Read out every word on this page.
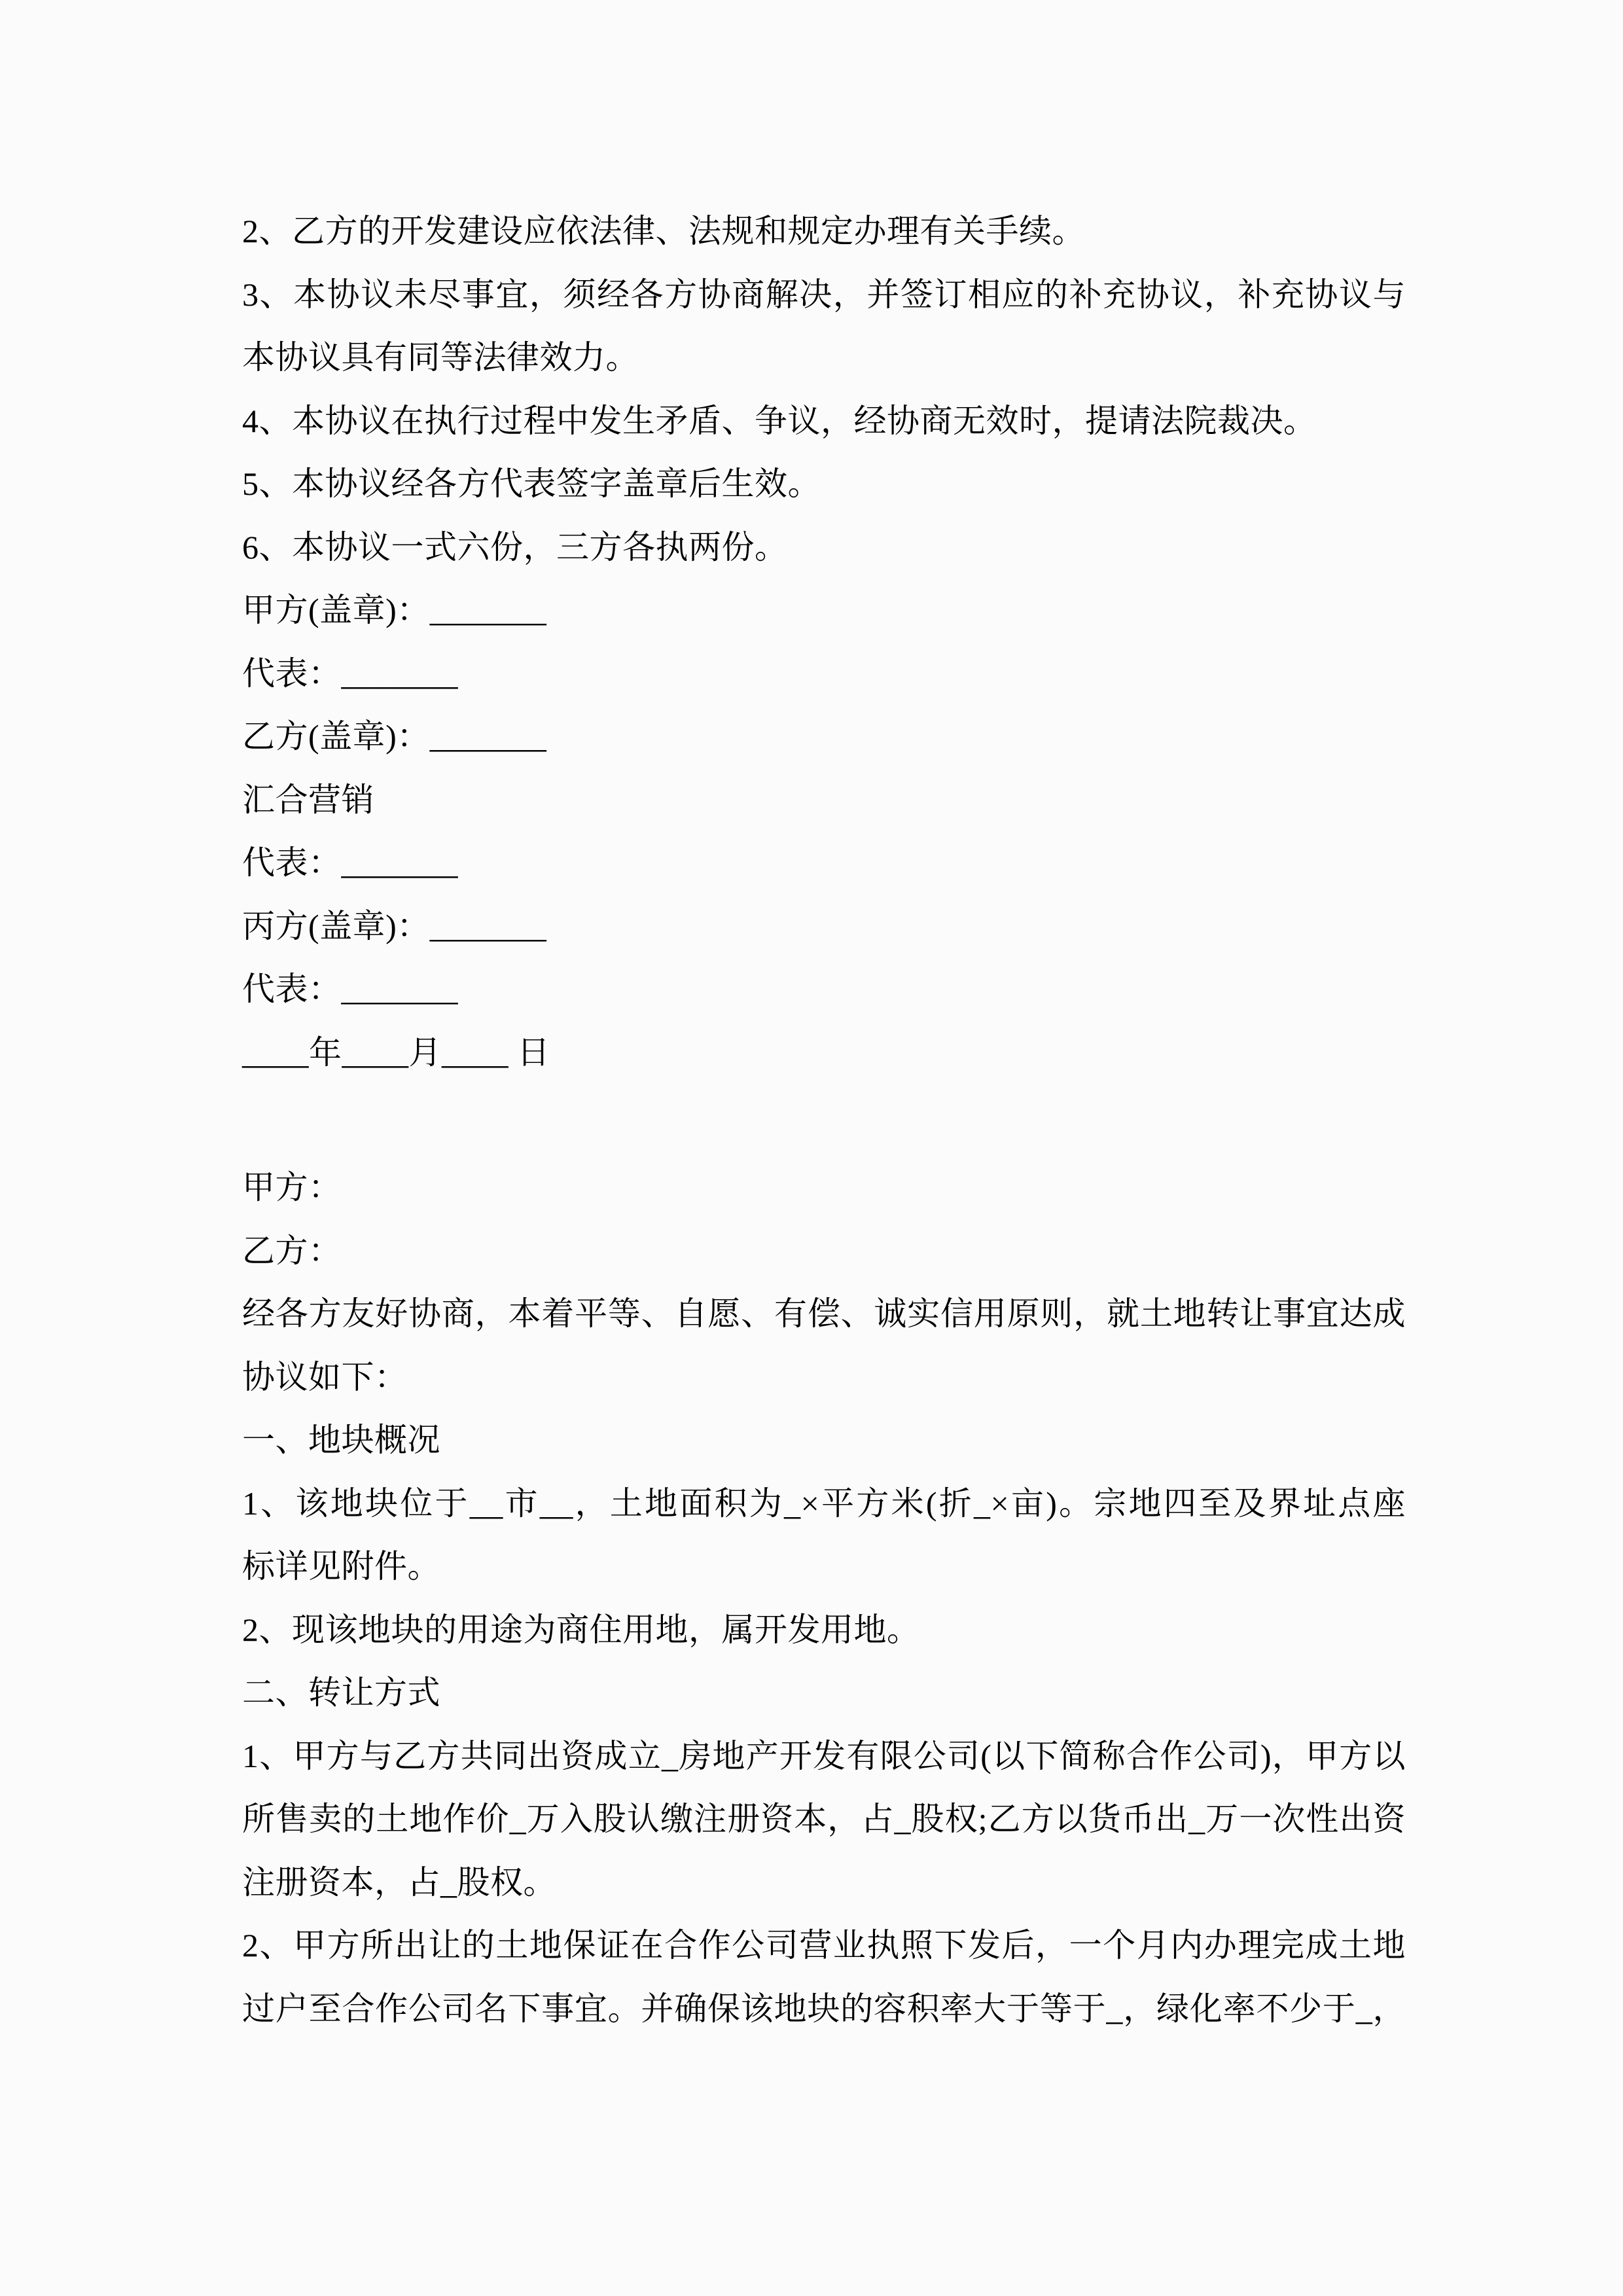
2、乙方的开发建设应依法律、法规和规定办理有关手续。
3、本协议未尽事宜，须经各方协商解决，并签订相应的补充协议，补充协议与
本协议具有同等法律效力。
4、本协议在执行过程中发生矛盾、争议，经协商无效时，提请法院裁决。
5、本协议经各方代表签字盖章后生效。
6、本协议一式六份，三方各执两份。
甲方(盖章)：_______
代表：_______
乙方(盖章)：_______
汇合营销
代表：_______
丙方(盖章)：_______
代表：_______
____年____月____ 日
甲方：
乙方：
经各方友好协商，本着平等、自愿、有偿、诚实信用原则，就土地转让事宜达成
协议如下：
一、地块概况
1、该地块位于__市__，土地面积为_×平方米(折_×亩)。宗地四至及界址点座
标详见附件。
2、现该地块的用途为商住用地，属开发用地。
二、转让方式
1、甲方与乙方共同出资成立_房地产开发有限公司(以下简称合作公司)，甲方以
所售卖的土地作价_万入股认缴注册资本，占_股权;乙方以货币出_万一次性出资
注册资本，占_股权。
2、甲方所出让的土地保证在合作公司营业执照下发后，一个月内办理完成土地
过户至合作公司名下事宜。并确保该地块的容积率大于等于_，绿化率不少于_，
